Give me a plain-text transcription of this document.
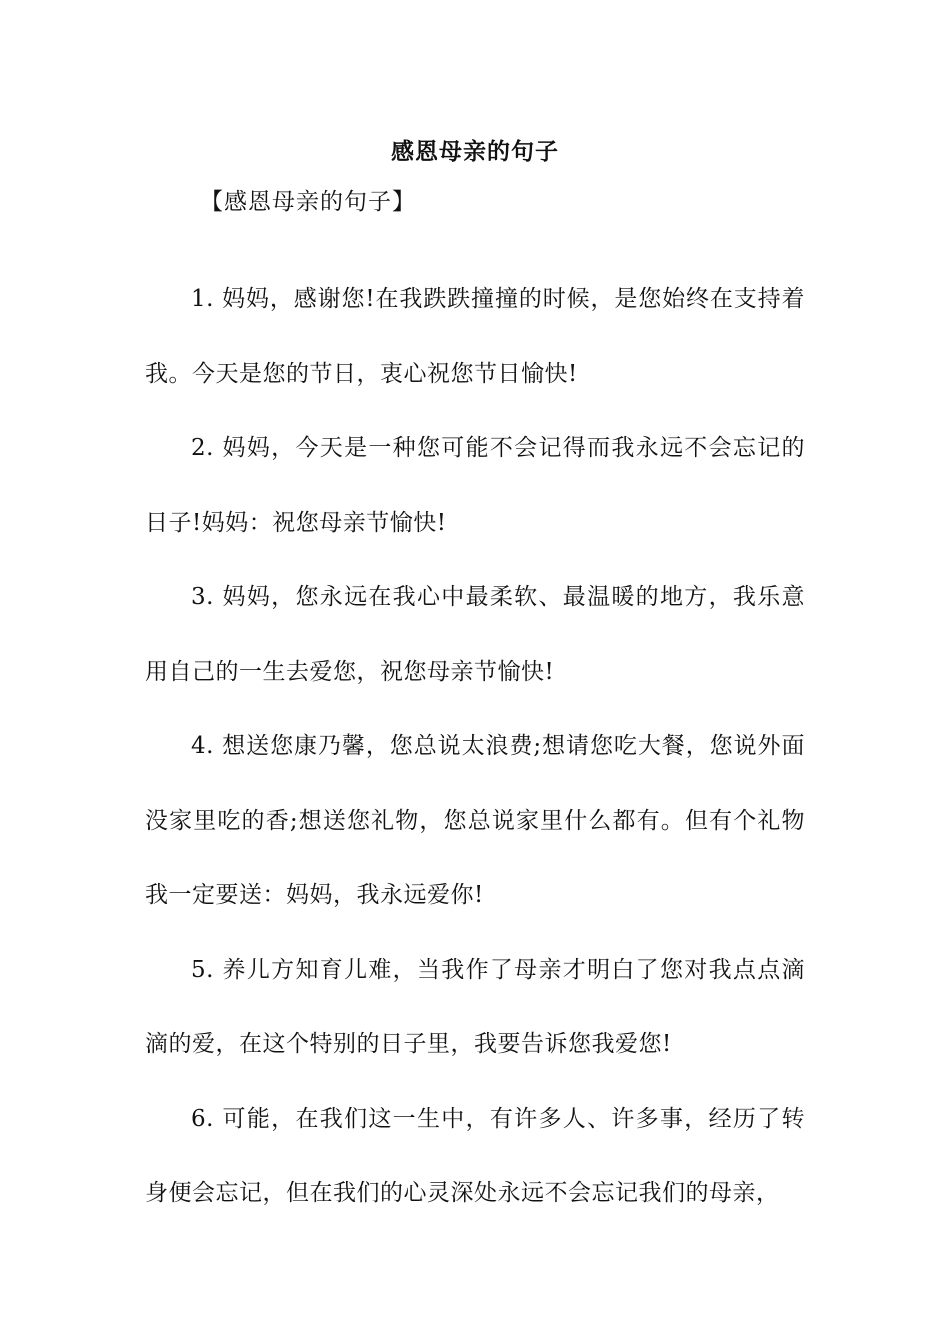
感恩母亲的句子
【感恩母亲的句子】

1. 妈妈，感谢您!在我跌跌撞撞的时候，是您始终在支持着我。今天是您的节日，衷心祝您节日愉快!

2. 妈妈，今天是一种您可能不会记得而我永远不会忘记的日子!妈妈：祝您母亲节愉快!

3. 妈妈，您永远在我心中最柔软、最温暖的地方，我乐意用自己的一生去爱您，祝您母亲节愉快!

4. 想送您康乃馨，您总说太浪费;想请您吃大餐，您说外面没家里吃的香;想送您礼物，您总说家里什么都有。但有个礼物我一定要送：妈妈，我永远爱你!

5. 养儿方知育儿难，当我作了母亲才明白了您对我点点滴滴的爱，在这个特别的日子里，我要告诉您我爱您!

6. 可能，在我们这一生中，有许多人、许多事，经历了转身便会忘记，但在我们的心灵深处永远不会忘记我们的母亲，
